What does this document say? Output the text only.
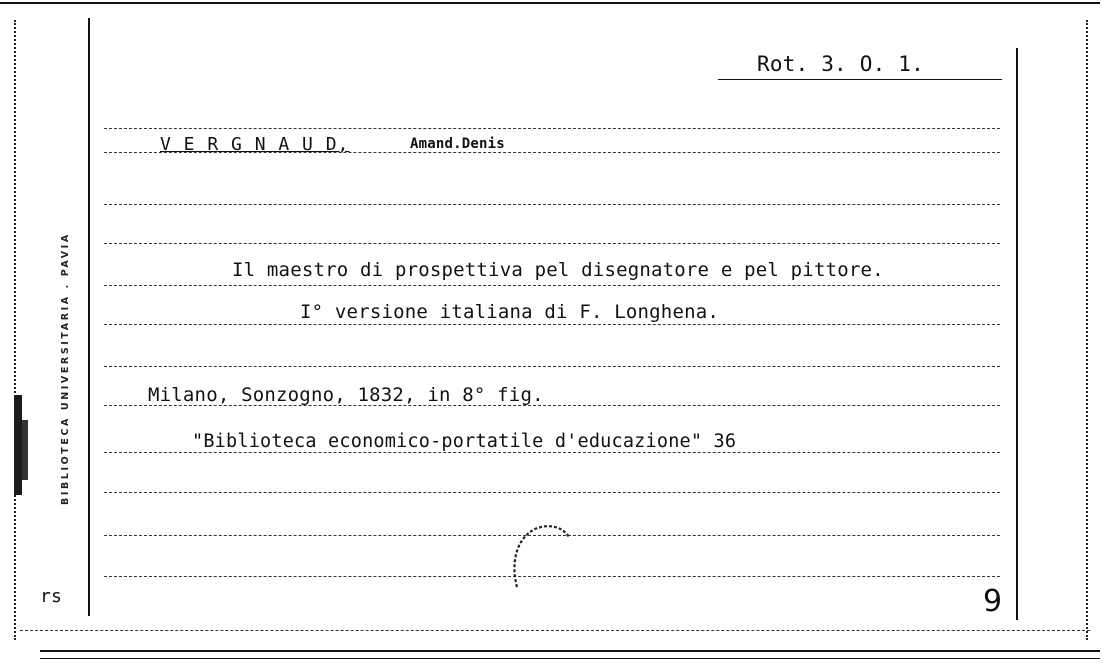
BIBLIOTECA UNIVERSITARIA . PAVIA
Rot. 3. O. 1.
V E R G N A U D,	Amand.Denis
Il maestro di prospettiva pel disegnatore e pel pittore.
I° versione italiana di F. Longhena.
Milano, Sonzogno, 1832, in 8° fig.
"Biblioteca economico-portatile d'educazione" 36
rs	9
